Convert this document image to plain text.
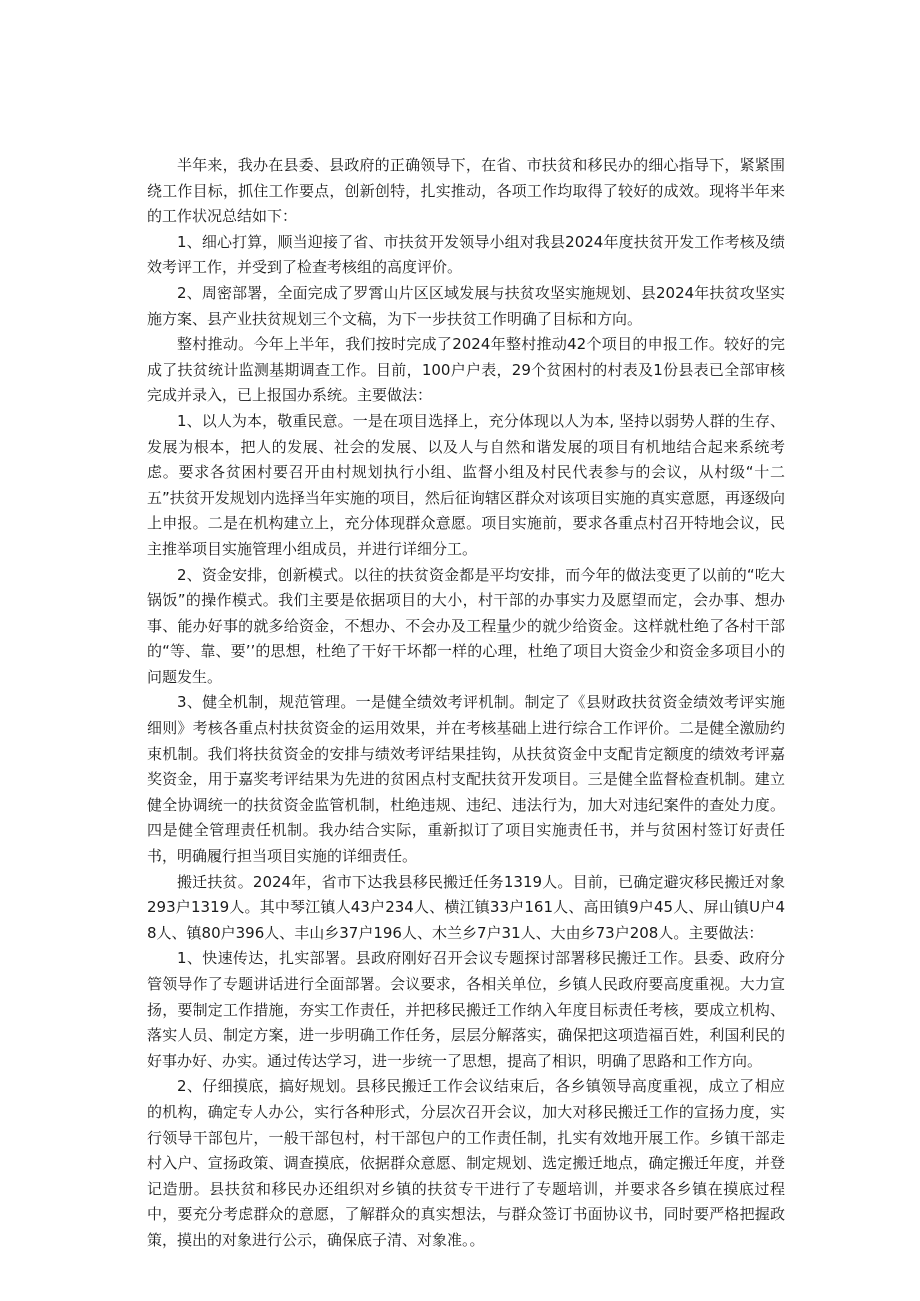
半年来，我办在县委、县政府的正确领导下，在省、市扶贫和移民办的细心指导下，紧紧围绕工作目标，抓住工作要点，创新创特，扎实推动，各项工作均取得了较好的成效。现将半年来的工作状况总结如下：

1、细心打算，顺当迎接了省、市扶贫开发领导小组对我县2024年度扶贫开发工作考核及绩效考评工作，并受到了检查考核组的高度评价。

2、周密部署，全面完成了罗霄山片区区域发展与扶贫攻坚实施规划、县2024年扶贫攻坚实施方案、县产业扶贫规划三个文稿，为下一步扶贫工作明确了目标和方向。

整村推动。今年上半年，我们按时完成了2024年整村推动42个项目的申报工作。较好的完成了扶贫统计监测基期调查工作。目前，100户户表，29个贫困村的村表及1份县表已全部审核完成并录入，已上报国办系统。主要做法：

1、以人为本，敬重民意。一是在项目选择上，充分体现以人为本, 坚持以弱势人群的生存、发展为根本，把人的发展、社会的发展、以及人与自然和谐发展的项目有机地结合起来系统考虑。要求各贫困村要召开由村规划执行小组、监督小组及村民代表参与的会议，从村级“十二五”扶贫开发规划内选择当年实施的项目，然后征询辖区群众对该项目实施的真实意愿，再逐级向上申报。二是在机构建立上，充分体现群众意愿。项目实施前，要求各重点村召开特地会议，民主推举项目实施管理小组成员，并进行详细分工。

2、资金安排，创新模式。以往的扶贫资金都是平均安排，而今年的做法变更了以前的“吃大锅饭”的操作模式。我们主要是依据项目的大小，村干部的办事实力及愿望而定，会办事、想办事、能办好事的就多给资金，不想办、不会办及工程量少的就少给资金。这样就杜绝了各村干部的“等、靠、要’’的思想，杜绝了干好干坏都一样的心理，杜绝了项目大资金少和资金多项目小的问题发生。

3、健全机制，规范管理。一是健全绩效考评机制。制定了《县财政扶贫资金绩效考评实施细则》考核各重点村扶贫资金的运用效果，并在考核基础上进行综合工作评价。二是健全激励约束机制。我们将扶贫资金的安排与绩效考评结果挂钩，从扶贫资金中支配肯定额度的绩效考评嘉奖资金，用于嘉奖考评结果为先进的贫困点村支配扶贫开发项目。三是健全监督检查机制。建立健全协调统一的扶贫资金监管机制，杜绝违规、违纪、违法行为，加大对违纪案件的查处力度。四是健全管理责任机制。我办结合实际，重新拟订了项目实施责任书，并与贫困村签订好责任书，明确履行担当项目实施的详细责任。

搬迁扶贫。2024年，省市下达我县移民搬迁任务1319人。目前，已确定避灾移民搬迁对象293户1319人。其中琴江镇人43户234人、横江镇33户161人、高田镇9户45人、屏山镇U户48人、镇80户396人、丰山乡37户196人、木兰乡7户31人、大由乡73户208人。主要做法：

1、快速传达，扎实部署。县政府刚好召开会议专题探讨部署移民搬迁工作。县委、政府分管领导作了专题讲话进行全面部署。会议要求，各相关单位，乡镇人民政府要高度重视。大力宣扬，要制定工作措施，夯实工作责任，并把移民搬迁工作纳入年度目标责任考核，要成立机构、落实人员、制定方案，进一步明确工作任务，层层分解落实，确保把这项造福百姓，利国利民的好事办好、办实。通过传达学习，进一步统一了思想，提高了相识，明确了思路和工作方向。

2、仔细摸底，搞好规划。县移民搬迁工作会议结束后，各乡镇领导高度重视，成立了相应的机构，确定专人办公，实行各种形式，分层次召开会议，加大对移民搬迁工作的宣扬力度，实行领导干部包片，一般干部包村，村干部包户的工作责任制，扎实有效地开展工作。乡镇干部走村入户、宣扬政策、调查摸底，依据群众意愿、制定规划、选定搬迁地点，确定搬迁年度，并登记造册。县扶贫和移民办还组织对乡镇的扶贫专干进行了专题培训，并要求各乡镇在摸底过程中，要充分考虑群众的意愿，了解群众的真实想法，与群众签订书面协议书，同时要严格把握政策，摸出的对象进行公示，确保底子清、对象准。。
